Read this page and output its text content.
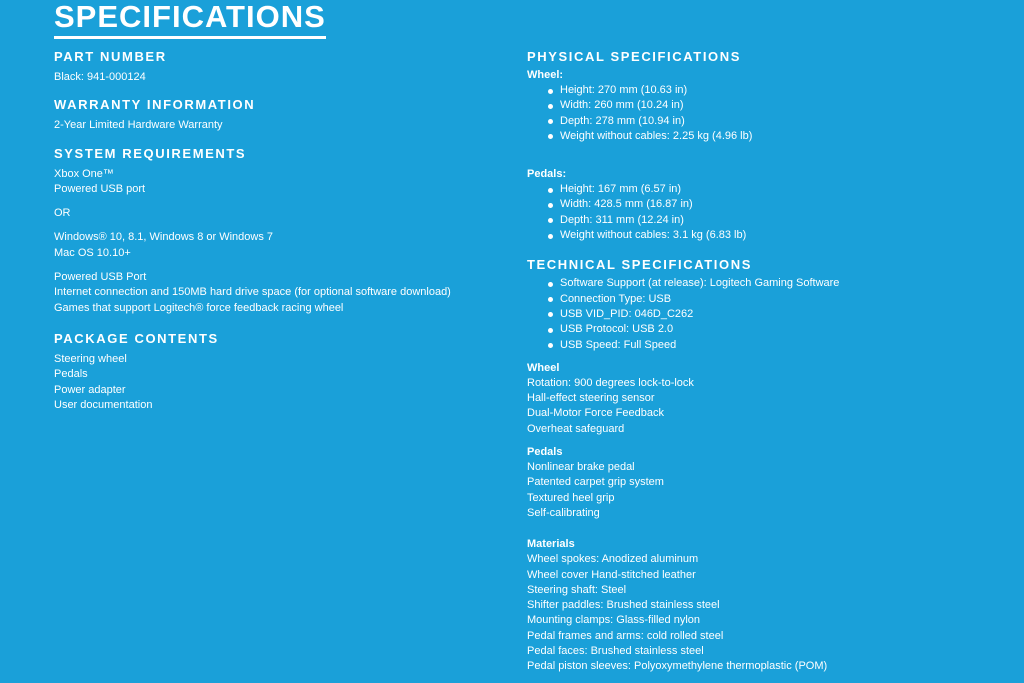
SPECIFICATIONS
PART NUMBER

Black: 941-000124

WARRANTY INFORMATION

2-Year Limited Hardware Warranty

SYSTEM REQUIREMENTS

Xbox One™

Powered USB port

OR

Windows® 10, 8.1, Windows 8 or Windows 7

Mac OS 10.10+

Powered USB Port

Internet connection and 150MB hard drive space (for optional software download)

Games that support Logitech® force feedback racing wheel

PACKAGE CONTENTS

Steering wheel

Pedals

Power adapter

User documentation

PHYSICAL SPECIFICATIONS

Wheel:

Height: 270 mm (10.63 in)
Width: 260 mm (10.24 in)
Depth: 278 mm (10.94 in)
Weight without cables: 2.25 kg (4.96 lb)

Pedals:

Height: 167 mm (6.57 in)
Width: 428.5 mm (16.87 in)
Depth: 311 mm (12.24 in)
Weight without cables: 3.1 kg (6.83 lb)
TECHNICAL SPECIFICATIONS
Software Support (at release): Logitech Gaming Software
Connection Type: USB
USB VID_PID: 046D_C262
USB Protocol: USB 2.0
USB Speed: Full Speed

Wheel

Rotation: 900 degrees lock-to-lock

Hall-effect steering sensor

Dual-Motor Force Feedback

Overheat safeguard

Pedals

Nonlinear brake pedal

Patented carpet grip system

Textured heel grip

Self-calibrating

Materials

Wheel spokes: Anodized aluminum

Wheel cover Hand-stitched leather

Steering shaft: Steel

Shifter paddles: Brushed stainless steel

Mounting clamps: Glass-filled nylon

Pedal frames and arms: cold rolled steel

Pedal faces: Brushed stainless steel

Pedal piston sleeves: Polyoxymethylene thermoplastic (POM)
